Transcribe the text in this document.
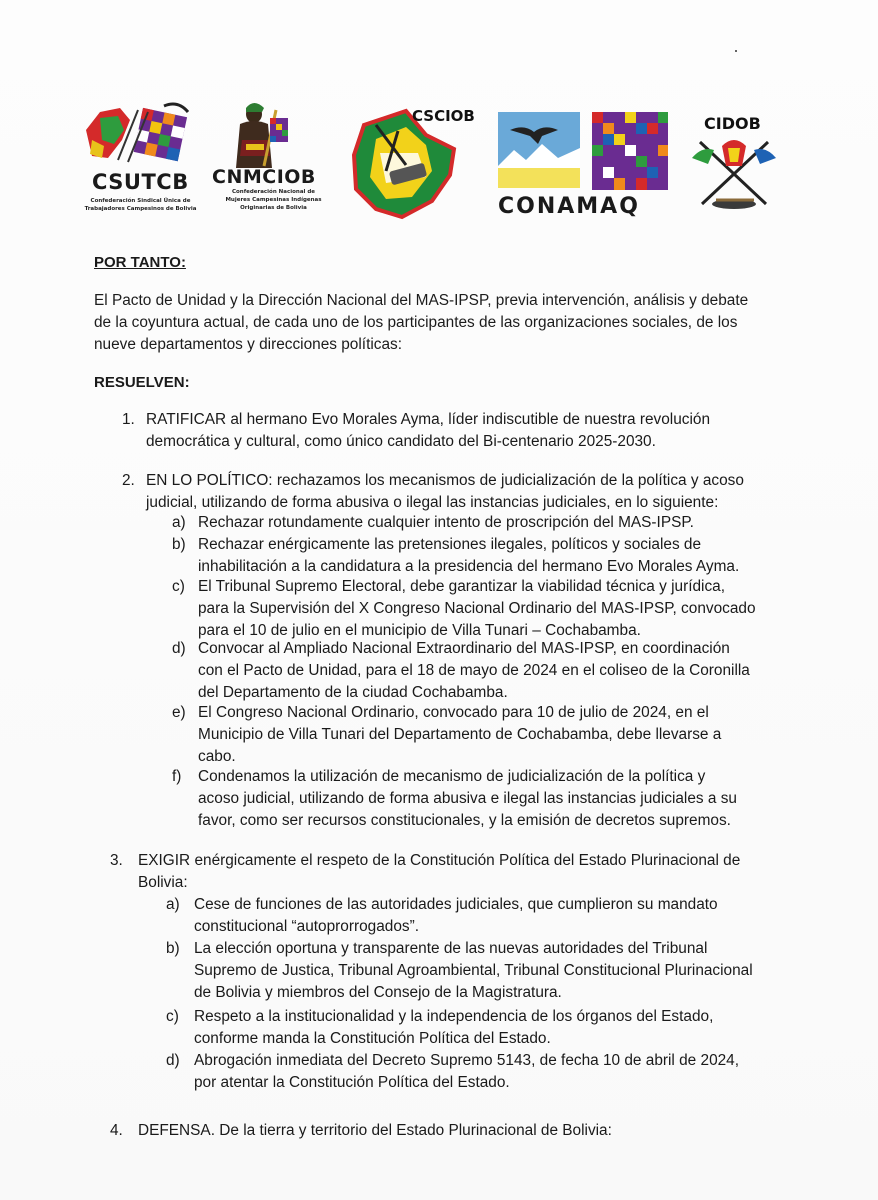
CSUTCB
Confederación Sindical Única de
Trabajadores Campesinos de Bolivia
CNMCIOB
Confederación Nacional de
Mujeres Campesinas Indígenas
Originarias de Bolivia
CSCIOB
CONAMAQ
CIDOB
POR TANTO:
El Pacto de Unidad y la Dirección Nacional del MAS-IPSP, previa intervención, análisis y debate
de la coyuntura actual, de cada uno de los participantes de las organizaciones sociales, de los
nueve departamentos y direcciones políticas:
RESUELVEN:
1. RATIFICAR al hermano Evo Morales Ayma, líder indiscutible de nuestra revolución
democrática y cultural, como único candidato del Bi-centenario 2025-2030.
2. EN LO POLÍTICO: rechazamos los mecanismos de judicialización de la política y acoso
judicial, utilizando de forma abusiva o ilegal las instancias judiciales, en lo siguiente:
a) Rechazar rotundamente cualquier intento de proscripción del MAS-IPSP.
b) Rechazar enérgicamente las pretensiones ilegales, políticos y sociales de
inhabilitación a la candidatura a la presidencia del hermano Evo Morales Ayma.
c) El Tribunal Supremo Electoral, debe garantizar la viabilidad técnica y jurídica,
para la Supervisión del X Congreso Nacional Ordinario del MAS-IPSP, convocado
para el 10 de julio en el municipio de Villa Tunari – Cochabamba.
d) Convocar al Ampliado Nacional Extraordinario del MAS-IPSP, en coordinación
con el Pacto de Unidad, para el 18 de mayo de 2024 en el coliseo de la Coronilla
del Departamento de la ciudad Cochabamba.
e) El Congreso Nacional Ordinario, convocado para 10 de julio de 2024, en el
Municipio de Villa Tunari del Departamento de Cochabamba, debe llevarse a
cabo.
f) Condenamos la utilización de mecanismo de judicialización de la política y
acoso judicial, utilizando de forma abusiva e ilegal las instancias judiciales a su
favor, como ser recursos constitucionales, y la emisión de decretos supremos.
3. EXIGIR enérgicamente el respeto de la Constitución Política del Estado Plurinacional de
Bolivia:
a) Cese de funciones de las autoridades judiciales, que cumplieron su mandato
constitucional “autoprorrogados”.
b) La elección oportuna y transparente de las nuevas autoridades del Tribunal
Supremo de Justica, Tribunal Agroambiental, Tribunal Constitucional Plurinacional
de Bolivia y miembros del Consejo de la Magistratura.
c) Respeto a la institucionalidad y la independencia de los órganos del Estado,
conforme manda la Constitución Política del Estado.
d) Abrogación inmediata del Decreto Supremo 5143, de fecha 10 de abril de 2024,
por atentar la Constitución Política del Estado.
4. DEFENSA. De la tierra y territorio del Estado Plurinacional de Bolivia:
